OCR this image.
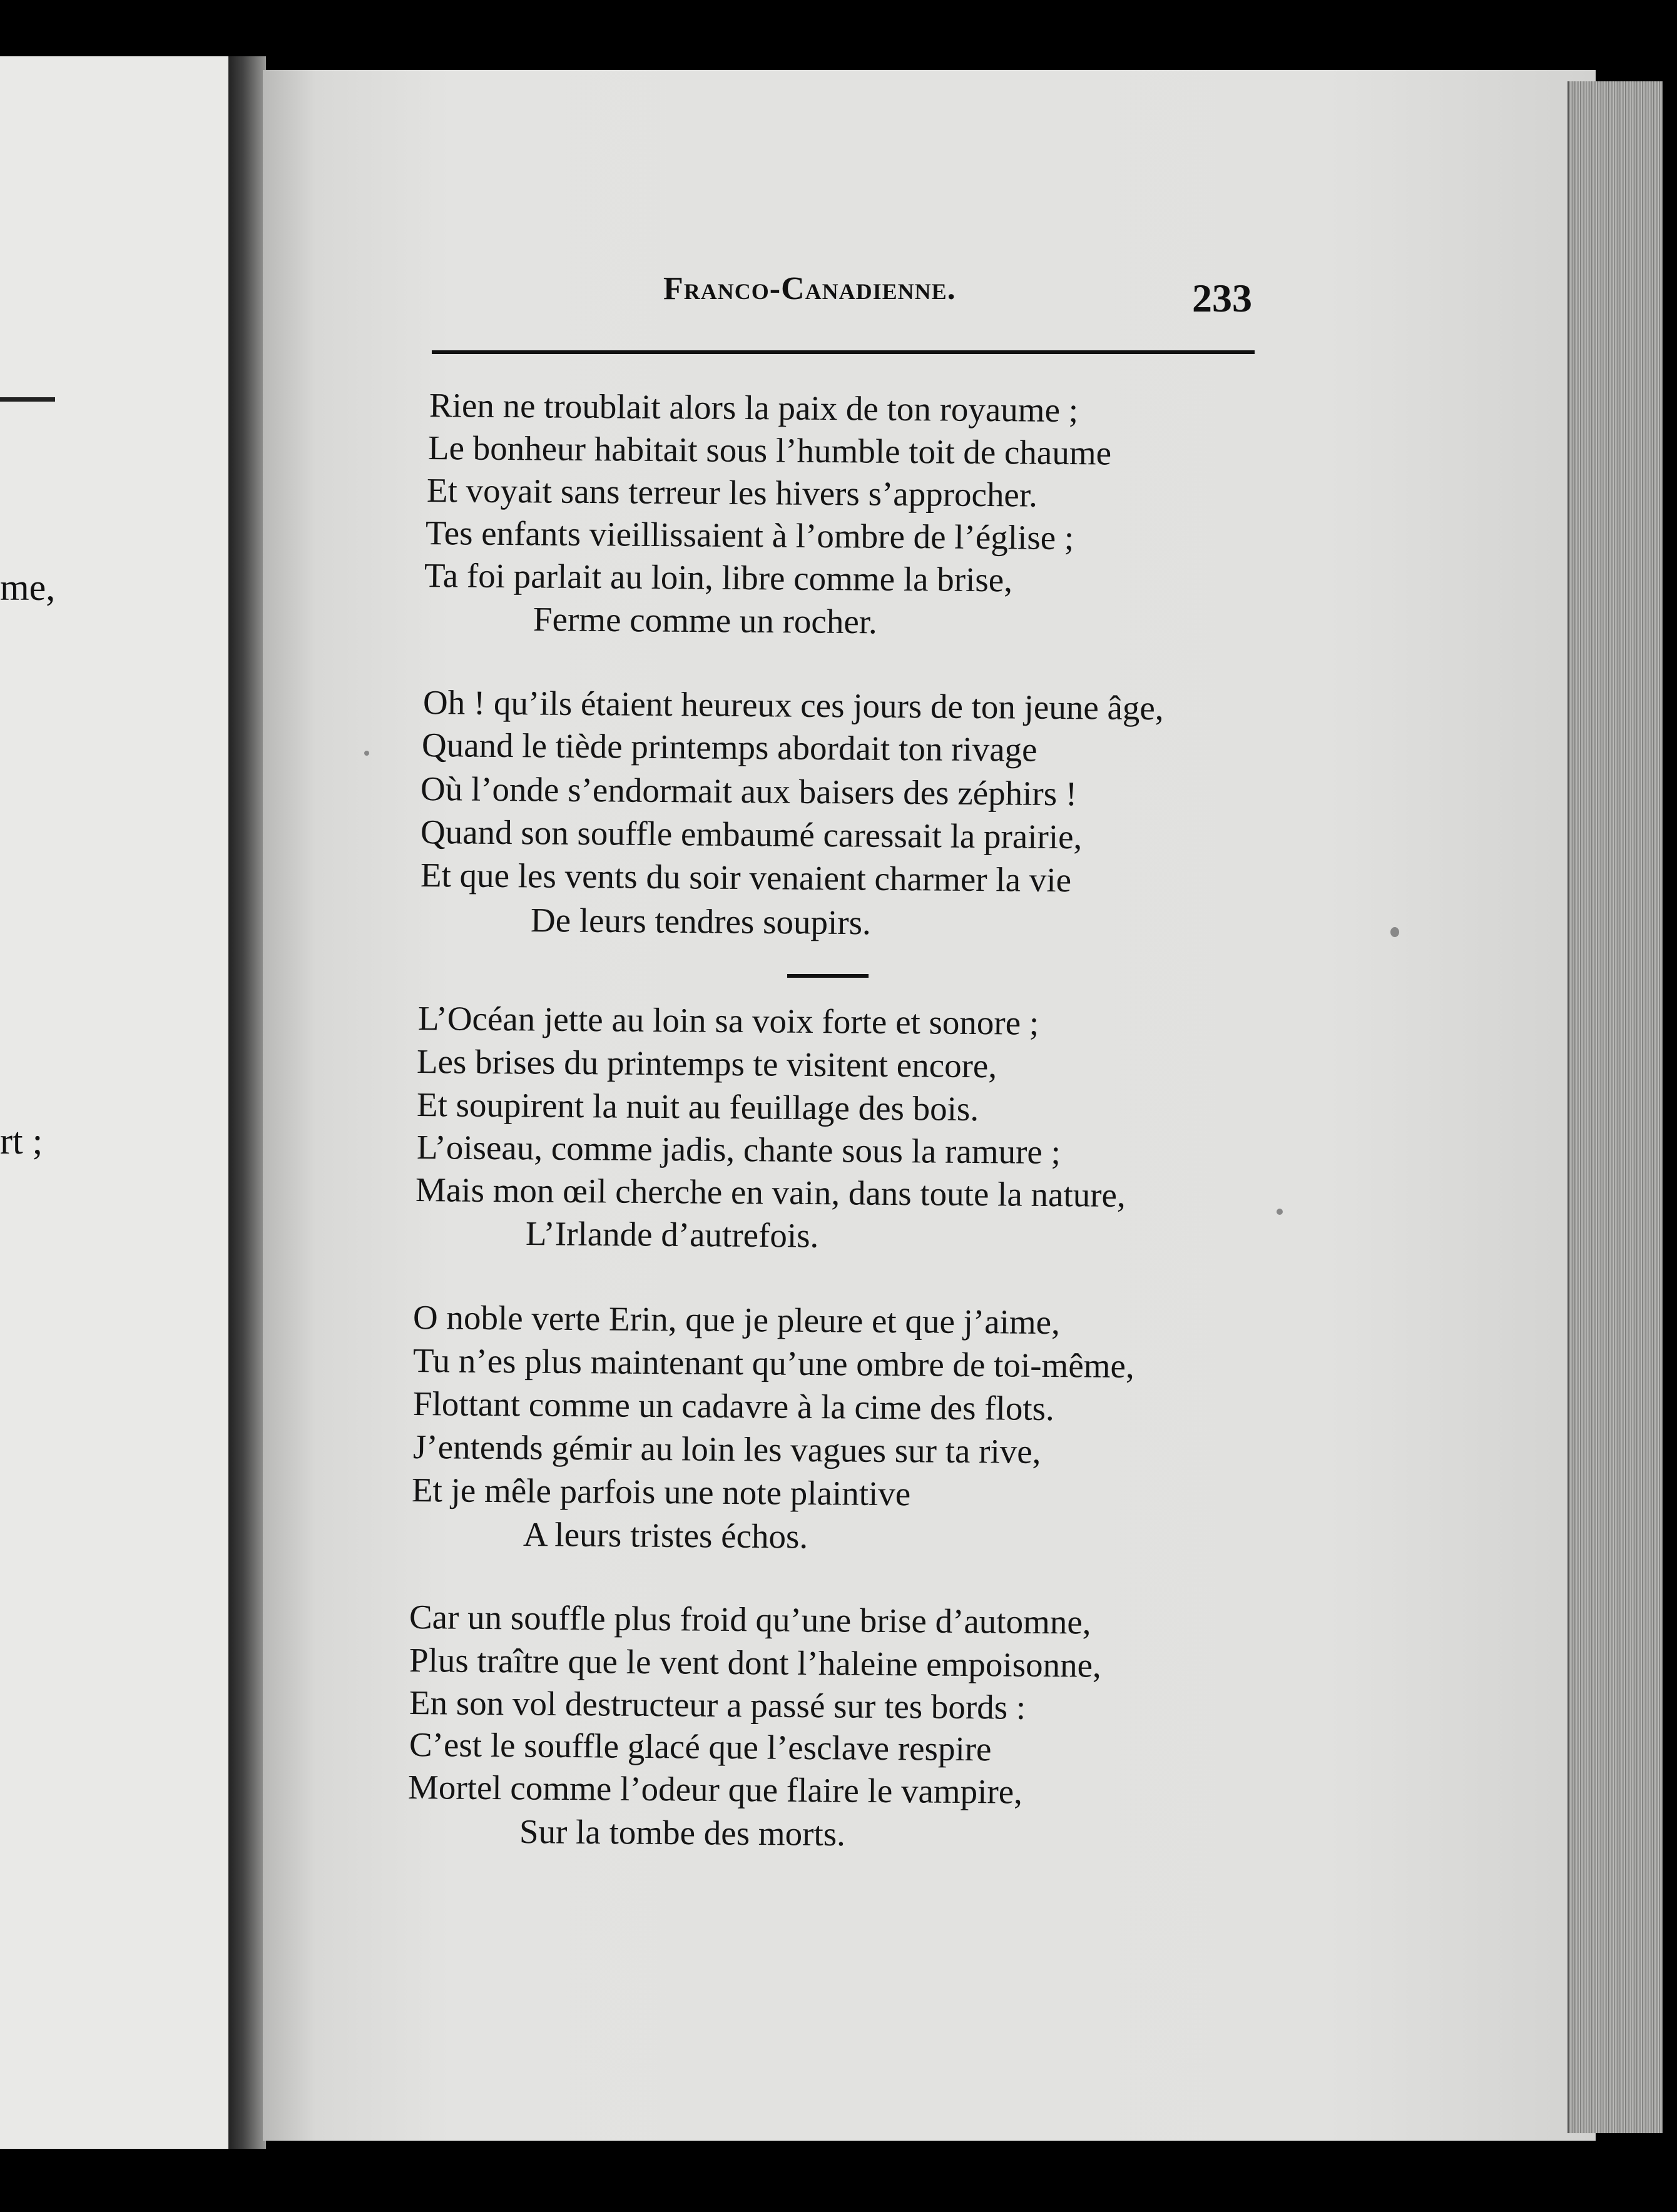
me,
rt ;
Franco-Canadienne.	233
Rien ne troublait alors la paix de ton royaume ;
Le bonheur habitait sous l’humble toit de chaume
Et voyait sans terreur les hivers s’approcher.
Tes enfants vieillissaient à l’ombre de l’église ;
Ta foi parlait au loin, libre comme la brise,
Ferme comme un rocher.
Oh ! qu’ils étaient heureux ces jours de ton jeune âge,
Quand le tiède printemps abordait ton rivage
Où l’onde s’endormait aux baisers des zéphirs !
Quand son souffle embaumé caressait la prairie,
Et que les vents du soir venaient charmer la vie
De leurs tendres soupirs.
L’Océan jette au loin sa voix forte et sonore ;
Les brises du printemps te visitent encore,
Et soupirent la nuit au feuillage des bois.
L’oiseau, comme jadis, chante sous la ramure ;
Mais mon œil cherche en vain, dans toute la nature,
L’Irlande d’autrefois.
O noble verte Erin, que je pleure et que j’aime,
Tu n’es plus maintenant qu’une ombre de toi-même,
Flottant comme un cadavre à la cime des flots.
J’entends gémir au loin les vagues sur ta rive,
Et je mêle parfois une note plaintive
A leurs tristes échos.
Car un souffle plus froid qu’une brise d’automne,
Plus traître que le vent dont l’haleine empoisonne,
En son vol destructeur a passé sur tes bords :
C’est le souffle glacé que l’esclave respire
Mortel comme l’odeur que flaire le vampire,
Sur la tombe des morts.
